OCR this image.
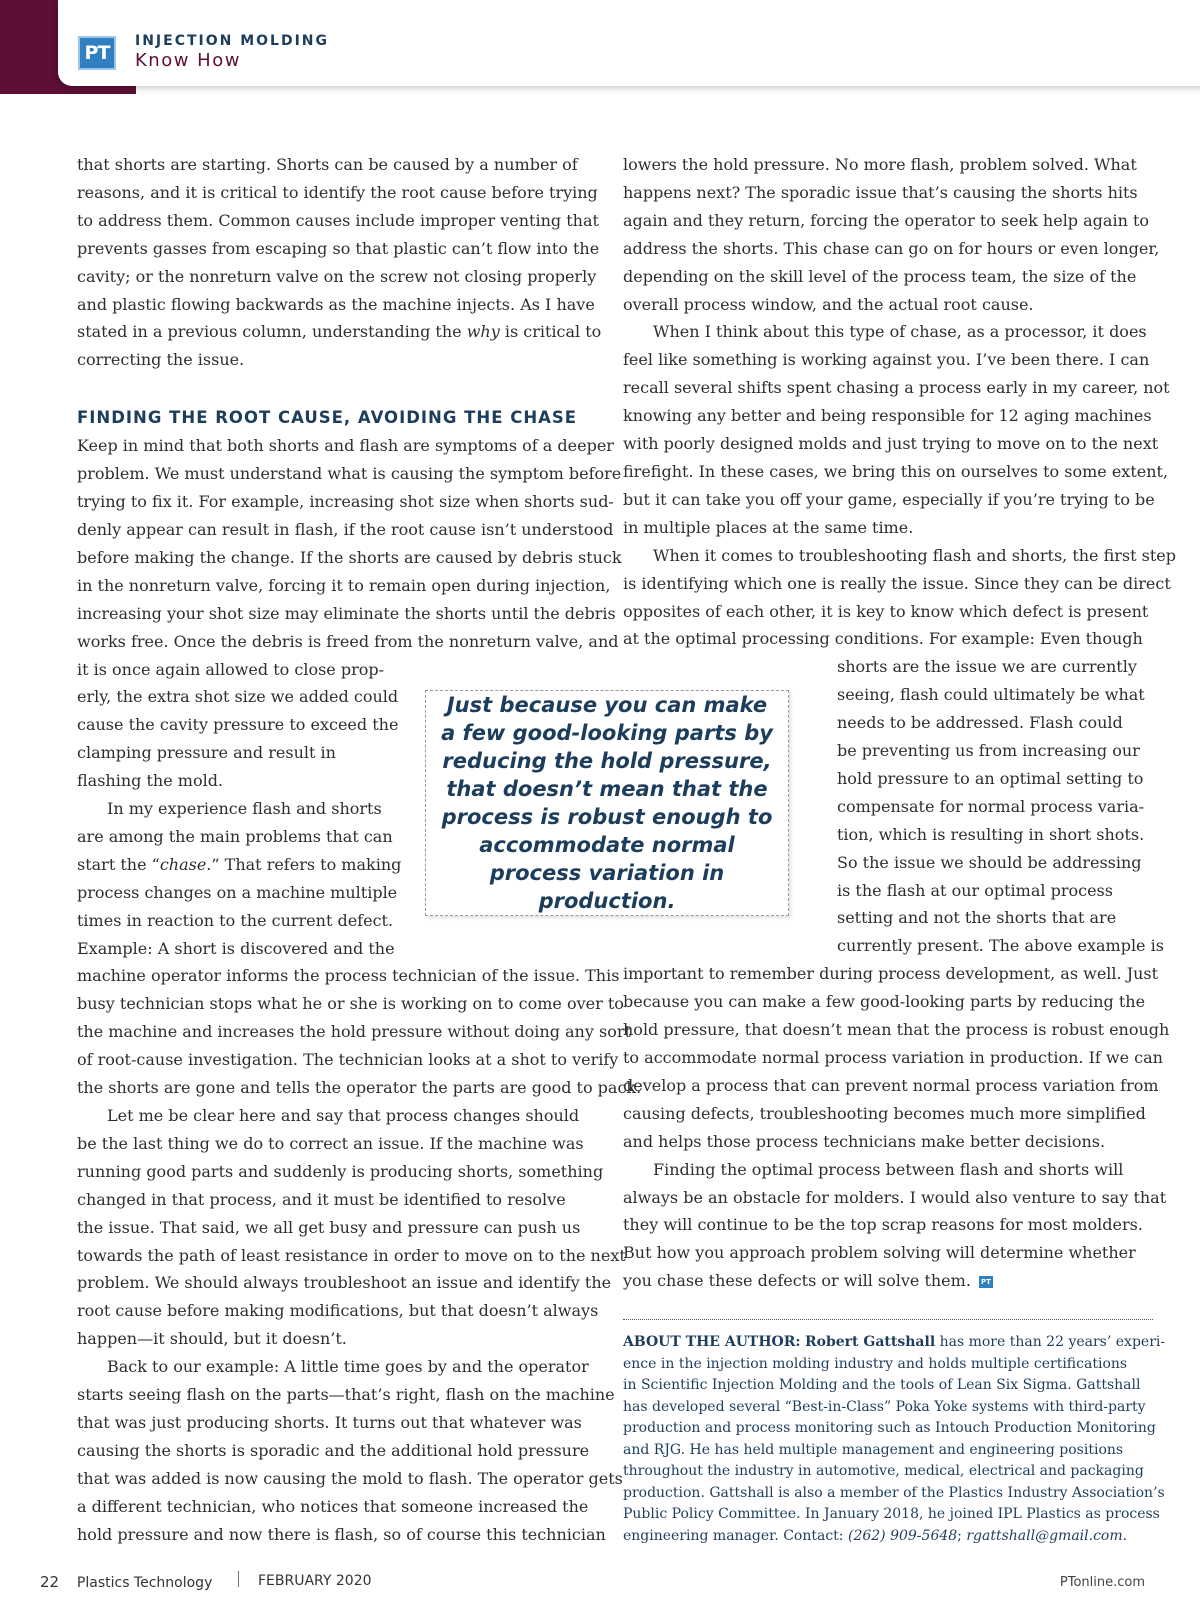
PT
INJECTION MOLDING
Know How

that shorts are starting. Shorts can be caused by a number of
reasons, and it is critical to identify the root cause before trying
to address them. Common causes include improper venting that
prevents gasses from escaping so that plastic can’t flow into the
cavity; or the nonreturn valve on the screw not closing properly
and plastic flowing backwards as the machine injects. As I have
stated in a previous column, understanding the why is critical to
correcting the issue.

FINDING THE ROOT CAUSE, AVOIDING THE CHASE

Keep in mind that both shorts and flash are symptoms of a deeper
problem. We must understand what is causing the symptom before
trying to fix it. For example, increasing shot size when shorts sud-
denly appear can result in flash, if the root cause isn’t understood
before making the change. If the shorts are caused by debris stuck
in the nonreturn valve, forcing it to remain open during injection,
increasing your shot size may eliminate the shorts until the debris
works free. Once the debris is freed from the nonreturn valve, and
it is once again allowed to close prop-
erly, the extra shot size we added could
cause the cavity pressure to exceed the
clamping pressure and result in
flashing the mold.

In my experience flash and shorts
are among the main problems that can
start the “chase.” That refers to making
process changes on a machine multiple
times in reaction to the current defect.
Example: A short is discovered and the
machine operator informs the process technician of the issue. This
busy technician stops what he or she is working on to come over to
the machine and increases the hold pressure without doing any sort
of root-cause investigation. The technician looks at a shot to verify
the shorts are gone and tells the operator the parts are good to pack.

Let me be clear here and say that process changes should
be the last thing we do to correct an issue. If the machine was
running good parts and suddenly is producing shorts, something
changed in that process, and it must be identified to resolve
the issue. That said, we all get busy and pressure can push us
towards the path of least resistance in order to move on to the next
problem. We should always troubleshoot an issue and identify the
root cause before making modifications, but that doesn’t always
happen—it should, but it doesn’t.

Back to our example: A little time goes by and the operator
starts seeing flash on the parts—that’s right, flash on the machine
that was just producing shorts. It turns out that whatever was
causing the shorts is sporadic and the additional hold pressure
that was added is now causing the mold to flash. The operator gets
a different technician, who notices that someone increased the
hold pressure and now there is flash, so of course this technician

lowers the hold pressure. No more flash, problem solved. What
happens next? The sporadic issue that’s causing the shorts hits
again and they return, forcing the operator to seek help again to
address the shorts. This chase can go on for hours or even longer,
depending on the skill level of the process team, the size of the
overall process window, and the actual root cause.

When I think about this type of chase, as a processor, it does
feel like something is working against you. I’ve been there. I can
recall several shifts spent chasing a process early in my career, not
knowing any better and being responsible for 12 aging machines
with poorly designed molds and just trying to move on to the next
firefight. In these cases, we bring this on ourselves to some extent,
but it can take you off your game, especially if you’re trying to be
in multiple places at the same time.

When it comes to troubleshooting flash and shorts, the first step
is identifying which one is really the issue. Since they can be direct
opposites of each other, it is key to know which defect is present
at the optimal processing conditions. For example: Even though
shorts are the issue we are currently
seeing, flash could ultimately be what
needs to be addressed. Flash could
be preventing us from increasing our
hold pressure to an optimal setting to
compensate for normal process varia-
tion, which is resulting in short shots.
So the issue we should be addressing
is the flash at our optimal process
setting and not the shorts that are
currently present. The above example is
important to remember during process development, as well. Just
because you can make a few good-looking parts by reducing the
hold pressure, that doesn’t mean that the process is robust enough
to accommodate normal process variation in production. If we can
develop a process that can prevent normal process variation from
causing defects, troubleshooting becomes much more simplified
and helps those process technicians make better decisions.

Finding the optimal process between flash and shorts will
always be an obstacle for molders. I would also venture to say that
they will continue to be the top scrap reasons for most molders.
But how you approach problem solving will determine whether
you chase these defects or will solve them. PT

Just because you can make a few good-looking parts by reducing the hold pressure, that doesn’t mean that the process is robust enough to accommodate normal process variation in production.
ABOUT THE AUTHOR: Robert Gattshall has more than 22 years’ experi-
ence in the injection molding industry and holds multiple certifications
in Scientific Injection Molding and the tools of Lean Six Sigma. Gattshall
has developed several “Best-in-Class” Poka Yoke systems with third-party
production and process monitoring such as Intouch Production Monitoring
and RJG. He has held multiple management and engineering positions
throughout the industry in automotive, medical, electrical and packaging
production. Gattshall is also a member of the Plastics Industry Association’s
Public Policy Committee. In January 2018, he joined IPL Plastics as process
engineering manager. Contact: (262) 909-5648; rgattshall@gmail.com.
22 Plastics Technology	FEBRUARY 2020	PTonline.com
